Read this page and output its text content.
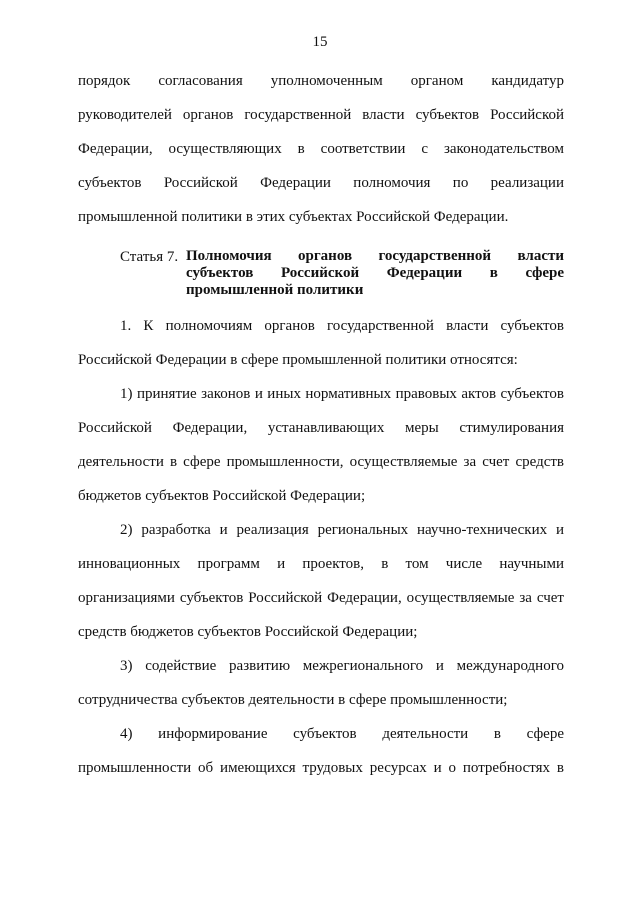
15
порядок согласования уполномоченным органом кандидатур
руководителей органов государственной власти субъектов Российской
Федерации, осуществляющих в соответствии с законодательством
субъектов Российской Федерации полномочия по реализации
промышленной политики в этих субъектах Российской Федерации.
Статья 7. Полномочия органов государственной власти
субъектов Российской Федерации в сфере
промышленной политики
1. К полномочиям органов государственной власти субъектов
Российской Федерации в сфере промышленной политики относятся:
1) принятие законов и иных нормативных правовых актов субъектов
Российской Федерации, устанавливающих меры стимулирования
деятельности в сфере промышленности, осуществляемые за счет средств
бюджетов субъектов Российской Федерации;
2) разработка и реализация региональных научно-технических и
инновационных программ и проектов, в том числе научными
организациями субъектов Российской Федерации, осуществляемые за счет
средств бюджетов субъектов Российской Федерации;
3) содействие развитию межрегионального и международного
сотрудничества субъектов деятельности в сфере промышленности;
4) информирование субъектов деятельности в сфере
промышленности об имеющихся трудовых ресурсах и о потребностях в
